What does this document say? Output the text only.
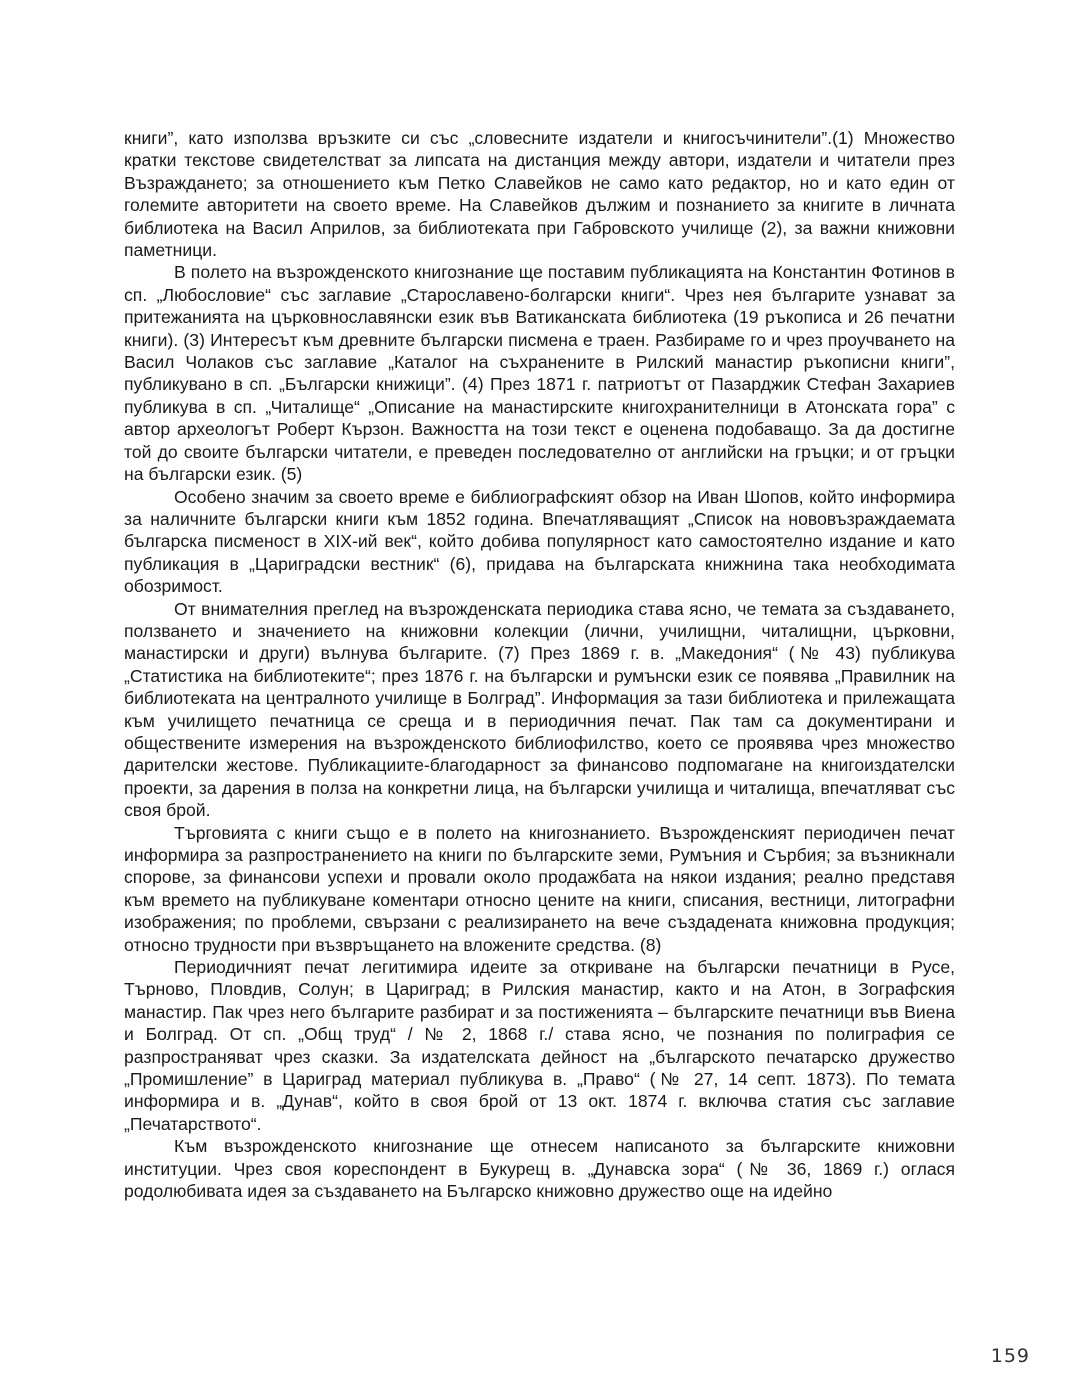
книги”, като използва връзките си със „словесните издатели и книгосъчинители”.(1) Множество кратки текстове свидетелстват за липсата на дистанция между автори, издатели и читатели през Възраждането; за отношението към Петко Славейков не само като редактор, но и като един от големите авторитети на своето време. На Славейков дължим и познанието за книгите в личната библиотека на Васил Априлов, за библиотеката при Габровското училище (2), за важни книжовни паметници.

В полето на възрожденското книгознание ще поставим публикацията на Константин Фотинов в сп. „Любословие“ със заглавие „Старославено-болгарски книги“. Чрез нея българите узнават за притежанията на църковнославянски език във Ватиканската библиотека (19 ръкописа и 26 печатни книги). (3) Интересът към древните български писмена е траен. Разбираме го и чрез проучването на Васил Чолаков със заглавие „Каталог на съхранените в Рилский манастир ръкописни книги”, публикувано в сп. „Български книжици”. (4) През 1871 г. патриотът от Пазарджик Стефан Захариев публикува в сп. „Читалище“ „Описание на манастирските книгохранителници в Атонската гора” с автор археологът Роберт Кързон. Важността на този текст е оценена подобаващо. За да достигне той до своите български читатели, е преведен последователно от английски на гръцки; и от гръцки на български език. (5)

Особено значим за своето време е библиографският обзор на Иван Шопов, който информира за наличните български книги към 1852 година. Впечатляващият „Список на нововъзраждаемата българска писменост в XIX-ий век“, който добива популярност като самостоятелно издание и като публикация в „Цариградски вестник“ (6), придава на българската книжнина така необходимата обозримост.

От внимателния преглед на възрожденската периодика става ясно, че темата за създаването, ползването и значението на книжовни колекции (лични, училищни, читалищни, църковни, манастирски и други) вълнува българите. (7) През 1869 г. в. „Македония“ (№ 43) публикува „Статистика на библиотеките“; през 1876 г. на български и румънски език се появява „Правилник на библиотеката на централното училище в Болград”. Информация за тази библиотека и прилежащата към училището печатница се среща и в периодичния печат. Пак там са документирани и обществените измерения на възрожденското библиофилство, което се проявява чрез множество дарителски жестове. Публикациите-благодарност за финансово подпомагане на книгоиздателски проекти, за дарения в полза на конкретни лица, на български училища и читалища, впечатляват със своя брой.

Търговията с книги също е в полето на книгознанието. Възрожденският периодичен печат информира за разпространението на книги по българските земи, Румъния и Сърбия; за възникнали спорове, за финансови успехи и провали около продажбата на някои издания; реално представя към времето на публикуване коментари относно цените на книги, списания, вестници, литографни изображения; по проблеми, свързани с реализирането на вече създадената книжовна продукция; относно трудности при възвръщането на вложените средства. (8)

Периодичният печат легитимира идеите за откриване на български печатници в Русе, Търново, Пловдив, Солун; в Цариград; в Рилския манастир, както и на Атон, в Зографския манастир. Пак чрез него българите разбират и за постиженията – българските печатници във Виена и Болград. От сп. „Общ труд“ / № 2, 1868 г./ става ясно, че познания по полиграфия се разпространяват чрез сказки. За издателската дейност на „българското печатарско дружество „Промишление” в Цариград материал публикува в. „Право“ (№ 27, 14 септ. 1873). По темата информира и в. „Дунав“, който в своя брой от 13 окт. 1874 г. включва статия със заглавие „Печатарството“.

Към възрожденското книгознание ще отнесем написаното за българските книжовни институции. Чрез своя кореспондент в Букурещ в. „Дунавска зора“ (№ 36, 1869 г.) оглася родолюбивата идея за създаването на Българско книжовно дружество още на идейно

159
